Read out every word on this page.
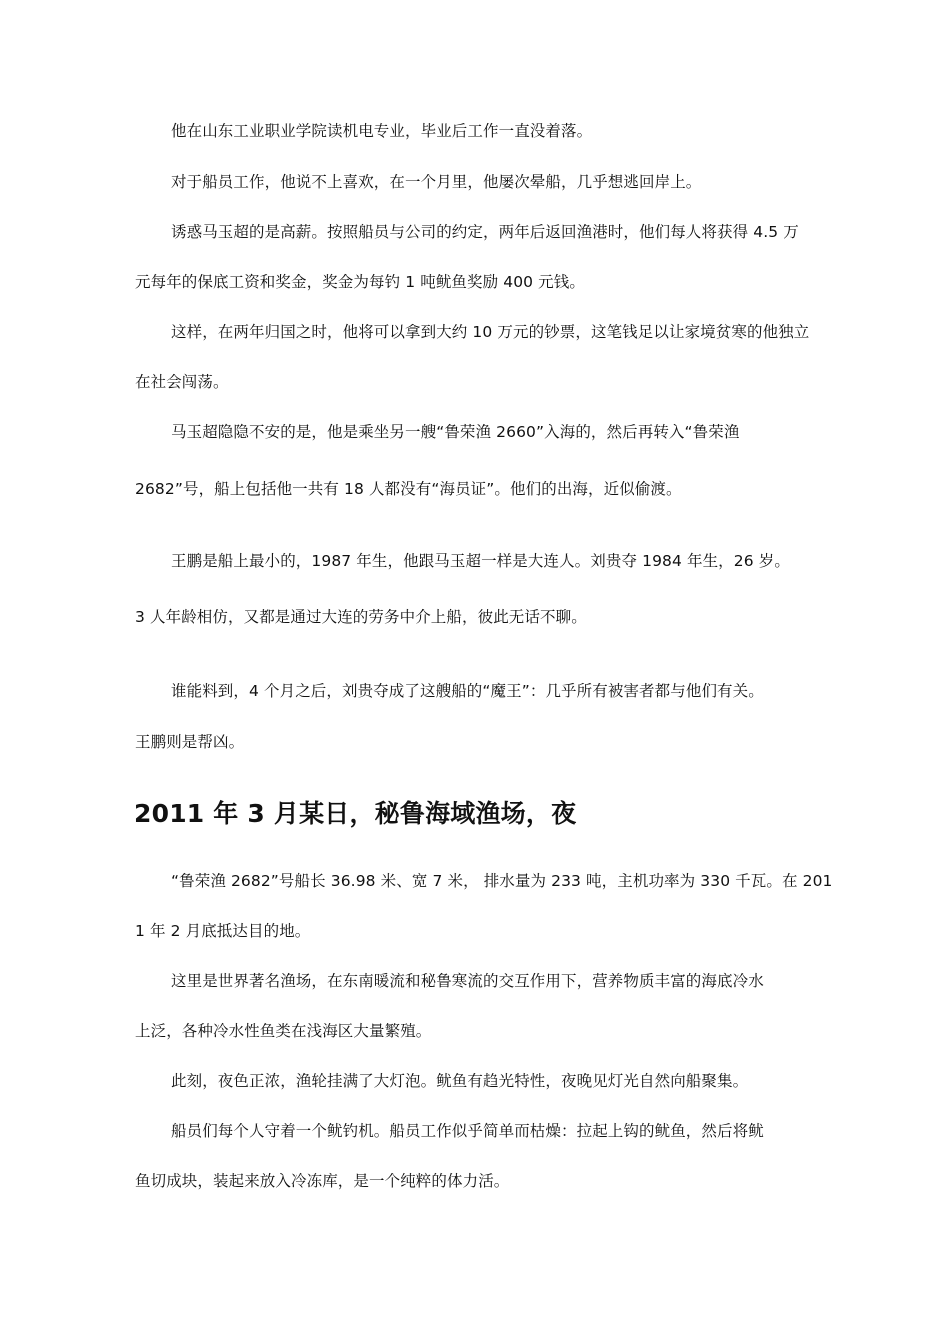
他在山东工业职业学院读机电专业，毕业后工作一直没着落。

对于船员工作，他说不上喜欢，在一个月里，他屡次晕船，几乎想逃回岸上。

诱惑马玉超的是高薪。按照船员与公司的约定，两年后返回渔港时，他们每人将获得 4.5 万

元每年的保底工资和奖金，奖金为每钓 1 吨鱿鱼奖励 400 元钱。

这样，在两年归国之时，他将可以拿到大约 10 万元的钞票，这笔钱足以让家境贫寒的他独立

在社会闯荡。

马玉超隐隐不安的是，他是乘坐另一艘“鲁荣渔 2660”入海的，然后再转入“鲁荣渔

2682”号，船上包括他一共有 18 人都没有“海员证”。他们的出海，近似偷渡。

王鹏是船上最小的，1987 年生，他跟马玉超一样是大连人。刘贵夺 1984 年生，26 岁。

3 人年龄相仿，又都是通过大连的劳务中介上船，彼此无话不聊。

谁能料到，4 个月之后，刘贵夺成了这艘船的“魔王”：几乎所有被害者都与他们有关。

王鹏则是帮凶。

2011 年 3 月某日，秘鲁海域渔场，夜

“鲁荣渔 2682”号船长 36.98 米、宽 7 米， 排水量为 233 吨，主机功率为 330 千瓦。在 201

1 年 2 月底抵达目的地。

这里是世界著名渔场，在东南暖流和秘鲁寒流的交互作用下，营养物质丰富的海底冷水

上泛，各种冷水性鱼类在浅海区大量繁殖。

此刻，夜色正浓，渔轮挂满了大灯泡。鱿鱼有趋光特性，夜晚见灯光自然向船聚集。

船员们每个人守着一个鱿钓机。船员工作似乎简单而枯燥：拉起上钩的鱿鱼，然后将鱿

鱼切成块，装起来放入冷冻库，是一个纯粹的体力活。
